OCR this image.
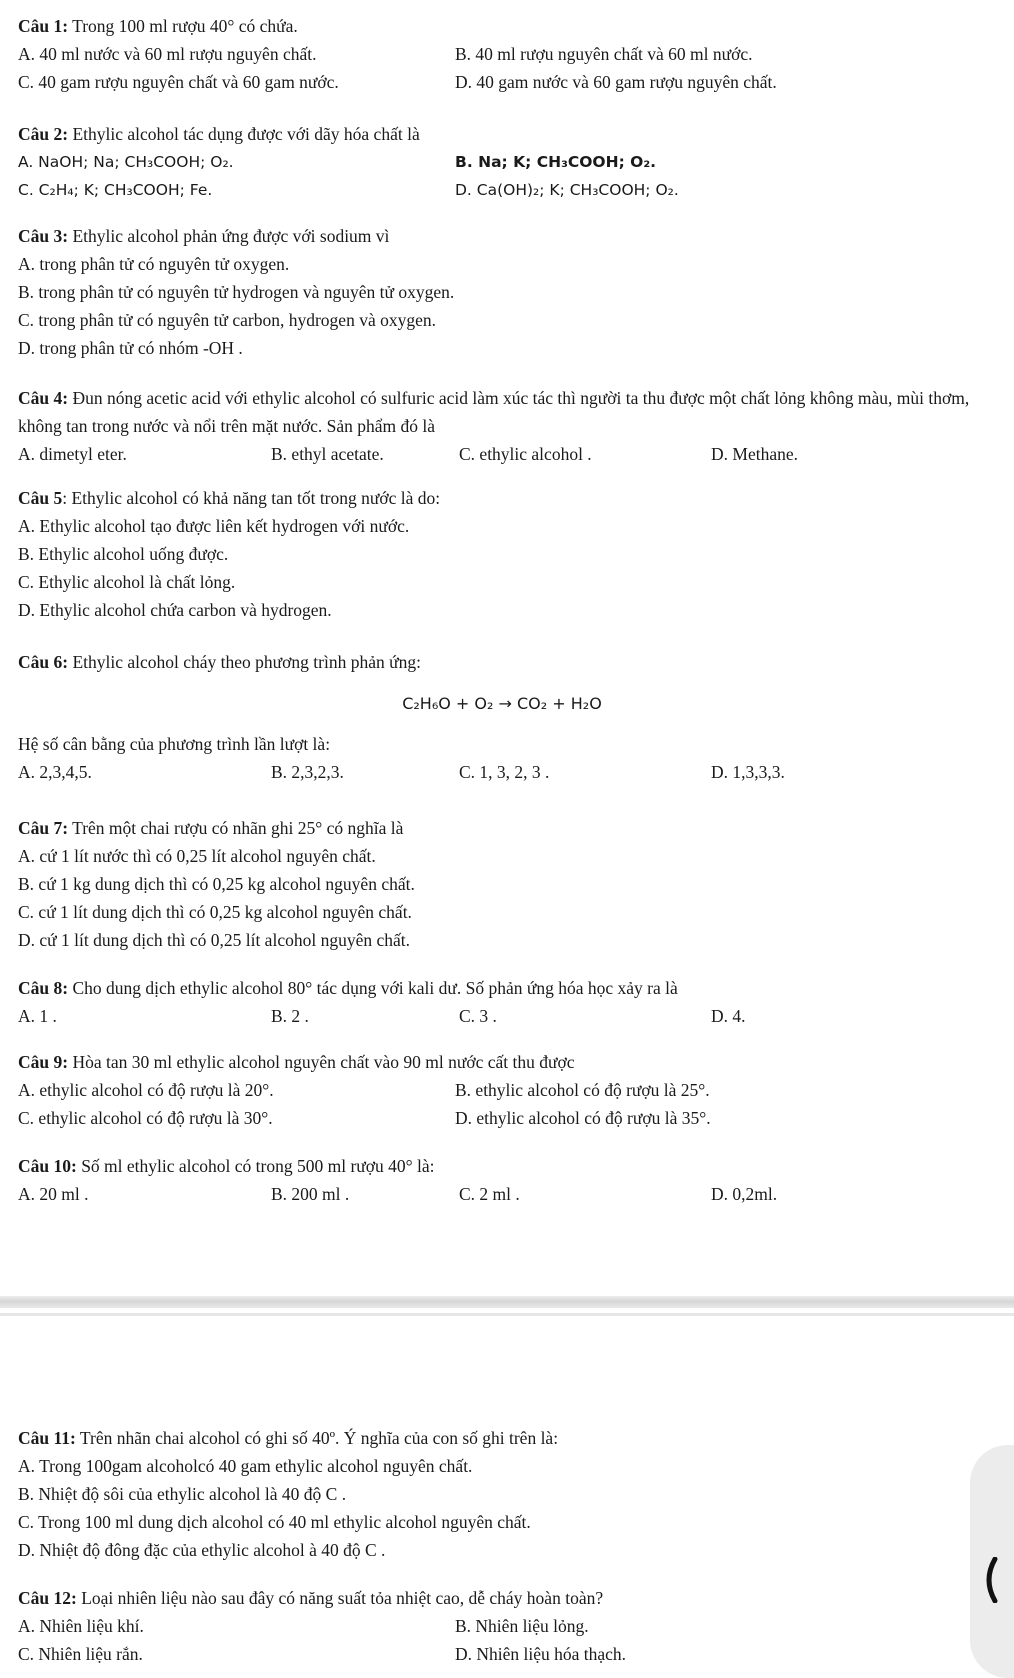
Câu 1: Trong 100 ml rượu 40° có chứa.
A. 40 ml nước và 60 ml rượu nguyên chất.	B. 40 ml rượu nguyên chất và 60 ml nước.
C. 40 gam rượu nguyên chất và 60 gam nước.	D. 40 gam nước và 60 gam rượu nguyên chất.
Câu 2: Ethylic alcohol tác dụng được với dãy hóa chất là
A. NaOH; Na; CH₃COOH; O₂.	B. Na; K; CH₃COOH; O₂.
C. C₂H₄; K; CH₃COOH; Fe.	D. Ca(OH)₂; K; CH₃COOH; O₂.
Câu 3: Ethylic alcohol phản ứng được với sodium vì
A. trong phân tử có nguyên tử oxygen.
B. trong phân tử có nguyên tử hydrogen và nguyên tử oxygen.
C. trong phân tử có nguyên tử carbon, hydrogen và oxygen.
D. trong phân tử có nhóm -OH .
Câu 4: Đun nóng acetic acid với ethylic alcohol có sulfuric acid làm xúc tác thì người ta thu được một chất lỏng không màu, mùi thơm, không tan trong nước và nổi trên mặt nước. Sản phẩm đó là
A. dimetyl eter.	B. ethyl acetate.	C. ethylic alcohol .	D. Methane.
Câu 5: Ethylic alcohol có khả năng tan tốt trong nước là do:
A. Ethylic alcohol tạo được liên kết hydrogen với nước.
B. Ethylic alcohol uống được.
C. Ethylic alcohol là chất lỏng.
D. Ethylic alcohol chứa carbon và hydrogen.
Câu 6: Ethylic alcohol cháy theo phương trình phản ứng:
C₂H₆O + O₂ → CO₂ + H₂O
Hệ số cân bằng của phương trình lần lượt là:
A. 2,3,4,5.	B. 2,3,2,3.	C. 1, 3, 2, 3 .	D. 1,3,3,3.
Câu 7: Trên một chai rượu có nhãn ghi 25° có nghĩa là
A. cứ 1 lít nước thì có 0,25 lít alcohol nguyên chất.
B. cứ 1 kg dung dịch thì có 0,25 kg alcohol nguyên chất.
C. cứ 1 lít dung dịch thì có 0,25 kg alcohol nguyên chất.
D. cứ 1 lít dung dịch thì có 0,25 lít alcohol nguyên chất.
Câu 8: Cho dung dịch ethylic alcohol 80° tác dụng với kali dư. Số phản ứng hóa học xảy ra là
A. 1 .	B. 2 .	C. 3 .	D. 4.
Câu 9: Hòa tan 30 ml ethylic alcohol nguyên chất vào 90 ml nước cất thu được
A. ethylic alcohol có độ rượu là 20°.	B. ethylic alcohol có độ rượu là 25°.
C. ethylic alcohol có độ rượu là 30°.	D. ethylic alcohol có độ rượu là 35°.
Câu 10: Số ml ethylic alcohol có trong 500 ml rượu 40° là:
A. 20 ml .	B. 200 ml .	C. 2 ml .	D. 0,2ml.
Câu 11: Trên nhãn chai alcohol có ghi số 40º. Ý nghĩa của con số ghi trên là:
A. Trong 100gam alcoholcó 40 gam ethylic alcohol nguyên chất.
B. Nhiệt độ sôi của ethylic alcohol là 40 độ C .
C. Trong 100 ml dung dịch alcohol có 40 ml ethylic alcohol nguyên chất.
D. Nhiệt độ đông đặc của ethylic alcohol à 40 độ C .
Câu 12: Loại nhiên liệu nào sau đây có năng suất tỏa nhiệt cao, dễ cháy hoàn toàn?
A. Nhiên liệu khí.	B. Nhiên liệu lỏng.
C. Nhiên liệu rắn.	D. Nhiên liệu hóa thạch.
